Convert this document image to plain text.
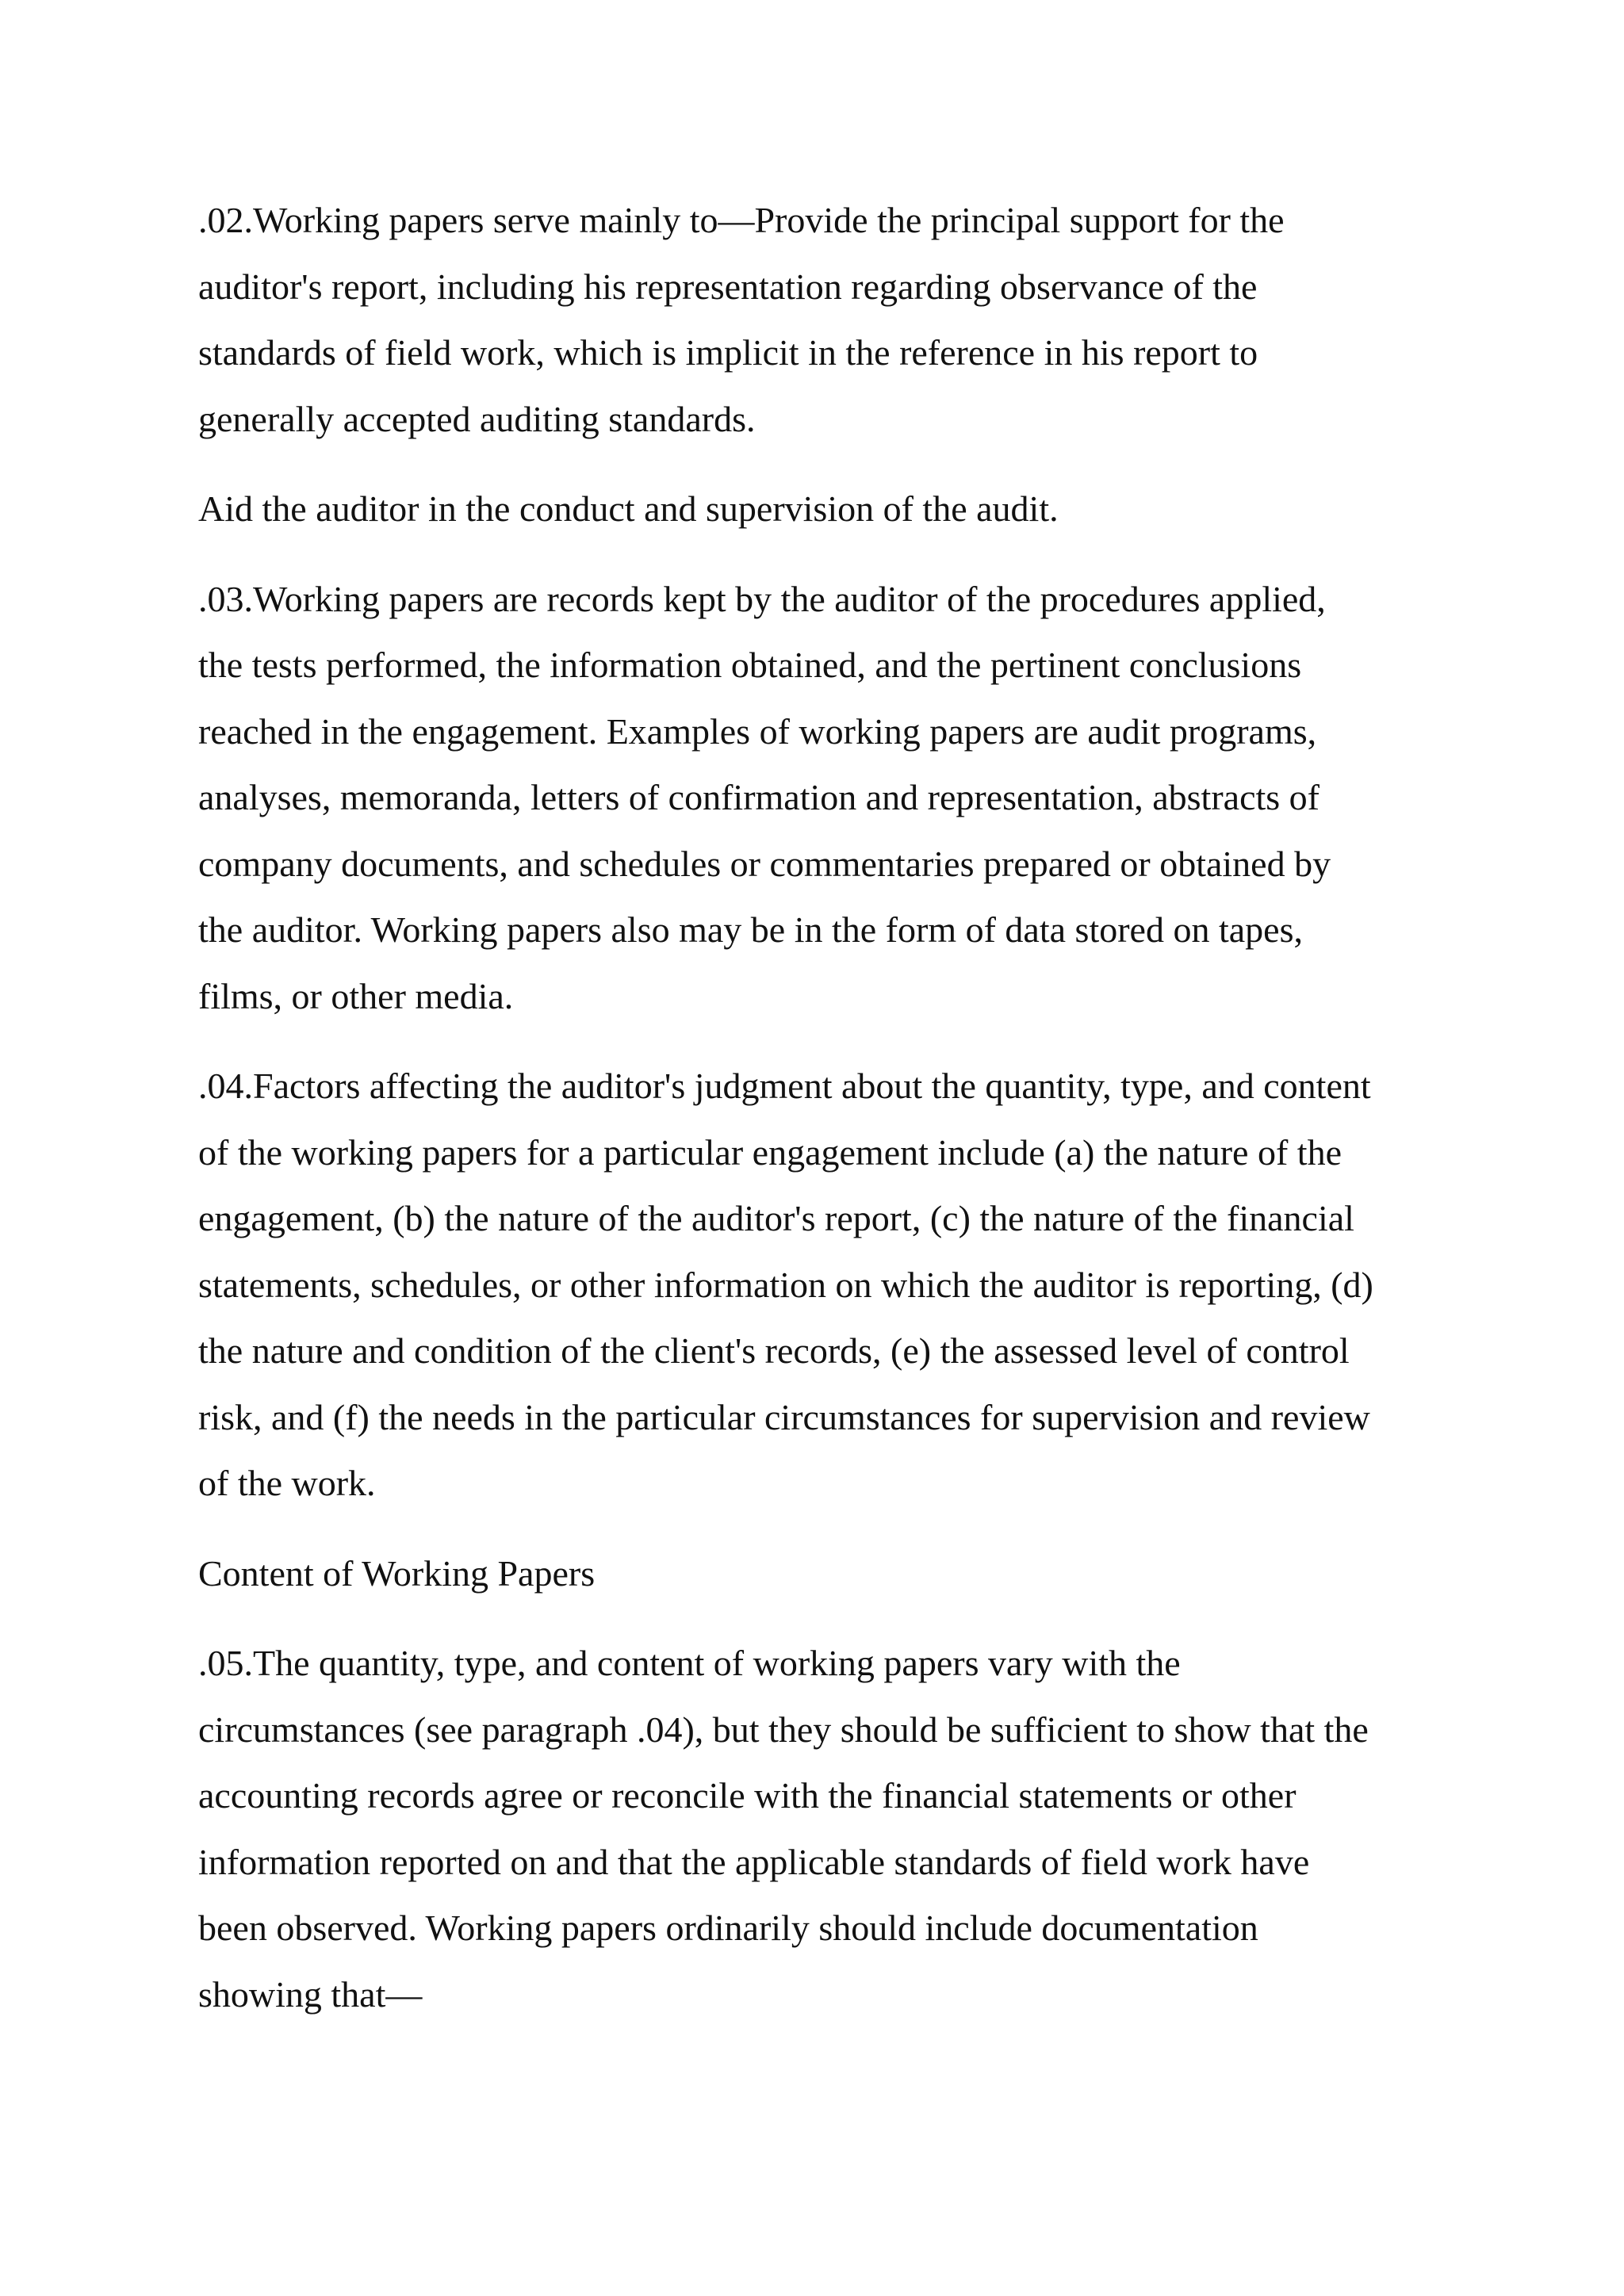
.02.Working papers serve mainly to—Provide the principal support for the
auditor's report, including his representation regarding observance of the
standards of field work, which is implicit in the reference in his report to
generally accepted auditing standards.

Aid the auditor in the conduct and supervision of the audit.

.03.Working papers are records kept by the auditor of the procedures applied,
the tests performed, the information obtained, and the pertinent conclusions
reached in the engagement. Examples of working papers are audit programs,
analyses, memoranda, letters of confirmation and representation, abstracts of
company documents, and schedules or commentaries prepared or obtained by
the auditor. Working papers also may be in the form of data stored on tapes,
films, or other media.

.04.Factors affecting the auditor's judgment about the quantity, type, and content
of the working papers for a particular engagement include (a) the nature of the
engagement, (b) the nature of the auditor's report, (c) the nature of the financial
statements, schedules, or other information on which the auditor is reporting, (d)
the nature and condition of the client's records, (e) the assessed level of control
risk, and (f) the needs in the particular circumstances for supervision and review
of the work.

Content of Working Papers

.05.The quantity, type, and content of working papers vary with the
circumstances (see paragraph .04), but they should be sufficient to show that the
accounting records agree or reconcile with the financial statements or other
information reported on and that the applicable standards of field work have
been observed. Working papers ordinarily should include documentation
showing that—
